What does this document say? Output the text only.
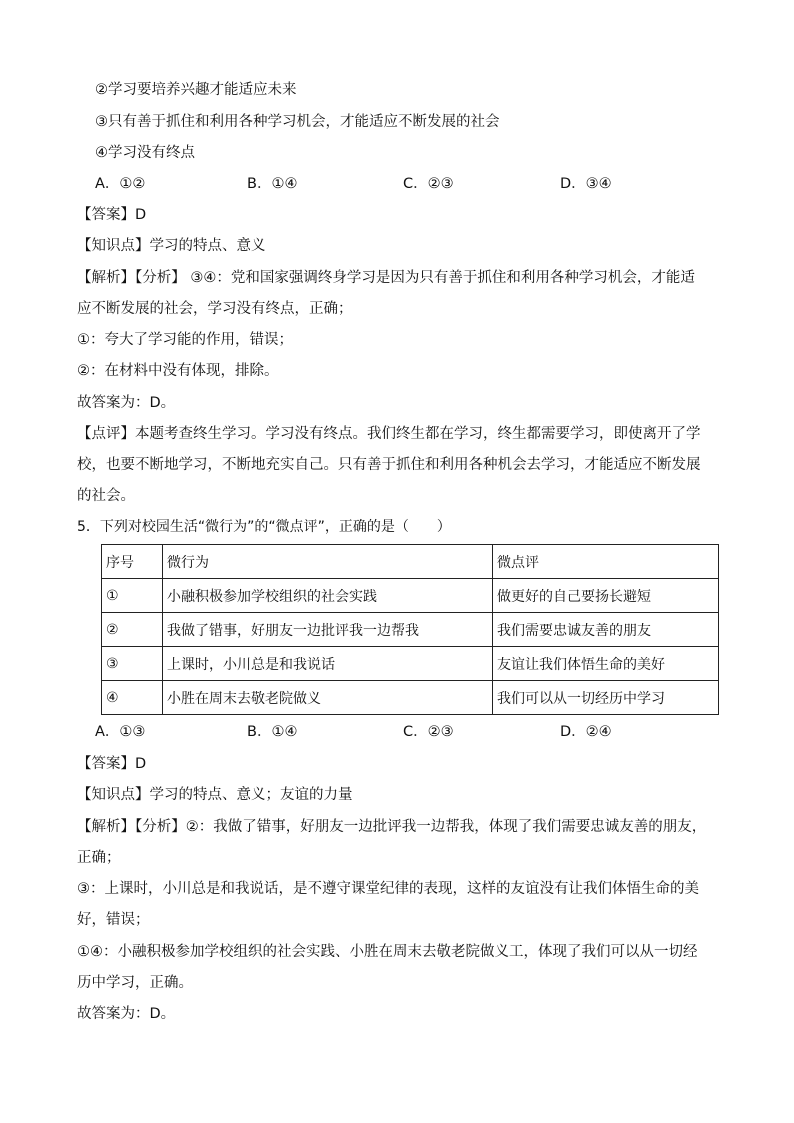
②学习要培养兴趣才能适应未来
③只有善于抓住和利用各种学习机会，才能适应不断发展的社会
④学习没有终点
A．①②	B．①④	C．②③	D．③④
【答案】D
【知识点】学习的特点、意义
【解析】【分析】 ③④：党和国家强调终身学习是因为只有善于抓住和利用各种学习机会，才能适
应不断发展的社会，学习没有终点，正确；
①：夸大了学习能的作用，错误；
②：在材料中没有体现，排除。
故答案为：D。
【点评】本题考查终生学习。学习没有终点。我们终生都在学习，终生都需要学习，即使离开了学
校，也要不断地学习，不断地充实自己。只有善于抓住和利用各种机会去学习，才能适应不断发展
的社会。
5．下列对校园生活“微行为”的“微点评”，正确的是（　　）
序号	微行为	微点评
①	小融积极参加学校组织的社会实践	做更好的自己要扬长避短
②	我做了错事，好朋友一边批评我一边帮我	我们需要忠诚友善的朋友
③	上课时，小川总是和我说话	友谊让我们体悟生命的美好
④	小胜在周末去敬老院做义	我们可以从一切经历中学习
A．①③	B．①④	C．②③	D．②④
【答案】D
【知识点】学习的特点、意义；友谊的力量
【解析】【分析】②：我做了错事，好朋友一边批评我一边帮我，体现了我们需要忠诚友善的朋友，
正确；
③：上课时，小川总是和我说话，是不遵守课堂纪律的表现，这样的友谊没有让我们体悟生命的美
好，错误；
①④：小融积极参加学校组织的社会实践、小胜在周末去敬老院做义工，体现了我们可以从一切经
历中学习，正确。
故答案为：D。
